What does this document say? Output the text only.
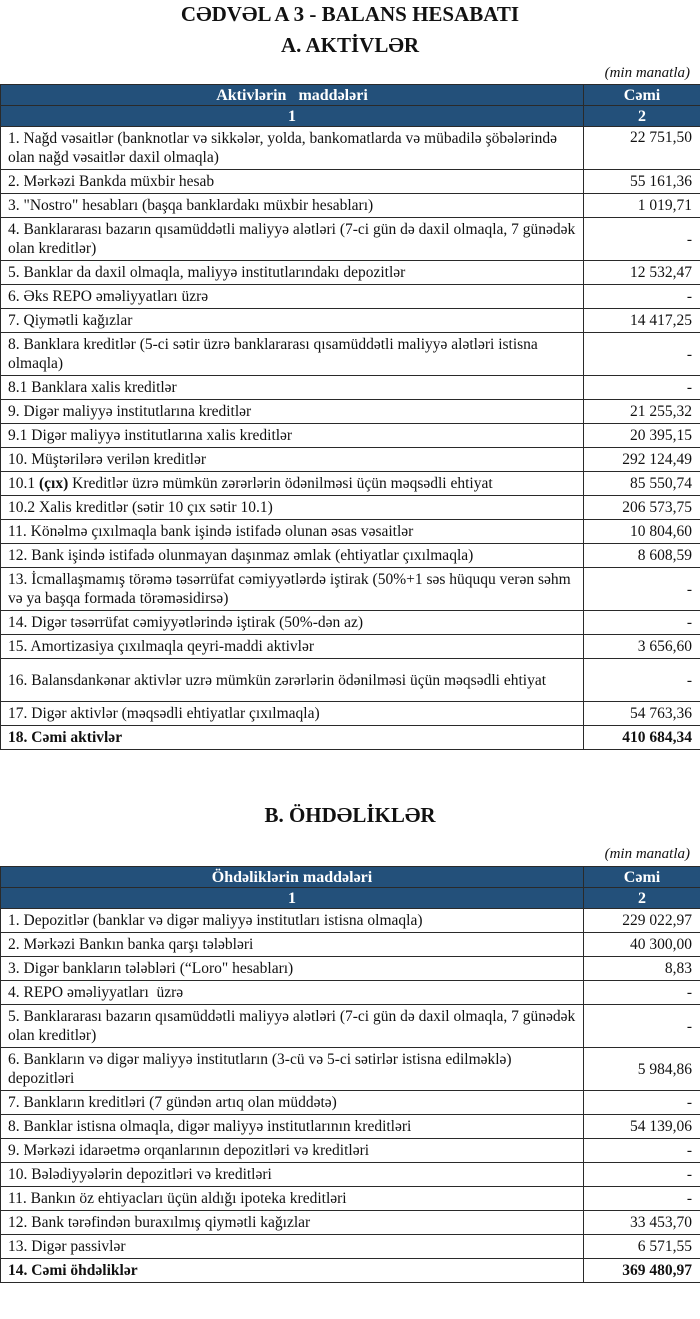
CƏDVƏL A 3 - BALANS HESABATI
A. AKTİVLƏR
(min manatla)
Aktivlərin   maddələri	Cəmi
1	2
1. Nağd vəsaitlər (banknotlar və sikkələr, yolda, bankomatlarda və mübadilə şöbələrində olan nağd vəsaitlər daxil olmaqla)	22 751,50
2. Mərkəzi Bankda müxbir hesab	55 161,36
3. "Nostro" hesabları (başqa banklardakı müxbir hesabları)	1 019,71
4. Banklararası bazarın qısamüddətli maliyyə alətləri (7-ci gün də daxil olmaqla, 7 günədək olan kreditlər)	-
5. Banklar da daxil olmaqla, maliyyə institutlarındakı depozitlər	12 532,47
6. Əks REPO əməliyyatları üzrə	-
7. Qiymətli kağızlar	14 417,25
8. Banklara kreditlər (5-ci sətir üzrə banklararası qısamüddətli maliyyə alətləri istisna olmaqla)	-
8.1 Banklara xalis kreditlər	-
9. Digər maliyyə institutlarına kreditlər	21 255,32
9.1 Digər maliyyə institutlarına xalis kreditlər	20 395,15
10. Müştərilərə verilən kreditlər	292 124,49
10.1 (çıx) Kreditlər üzrə mümkün zərərlərin ödənilməsi üçün məqsədli ehtiyat	85 550,74
10.2 Xalis kreditlər (sətir 10 çıx sətir 10.1)	206 573,75
11. Könəlmə çıxılmaqla bank işində istifadə olunan əsas vəsaitlər	10 804,60
12. Bank işində istifadə olunmayan daşınmaz əmlak (ehtiyatlar çıxılmaqla)	8 608,59
13. İcmallaşmamış törəmə təsərrüfat cəmiyyətlərdə iştirak (50%+1 səs hüququ verən səhm və ya başqa formada törəməsidirsə)	-
14. Digər təsərrüfat cəmiyyətlərində iştirak (50%-dən az)	-
15. Amortizasiya çıxılmaqla qeyri-maddi aktivlər	3 656,60
16. Balansdankənar aktivlər uzrə mümkün zərərlərin ödənilməsi üçün məqsədli ehtiyat	-
17. Digər aktivlər (məqsədli ehtiyatlar çıxılmaqla)	54 763,36
18. Cəmi aktivlər	410 684,34
B. ÖHDƏLİKLƏR
(min manatla)
Öhdəliklərin maddələri	Cəmi
1	2
1. Depozitlər (banklar və digər maliyyə institutları istisna olmaqla)	229 022,97
2. Mərkəzi Bankın banka qarşı tələbləri	40 300,00
3. Digər bankların tələbləri (“Loro" hesabları)	8,83
4. REPO əməliyyatları  üzrə	-
5. Banklararası bazarın qısamüddətli maliyyə alətləri (7-ci gün də daxil olmaqla, 7 günədək olan kreditlər)	-
6. Bankların və digər maliyyə institutların (3-cü və 5-ci sətirlər istisna edilməklə) depozitləri	5 984,86
7. Bankların kreditləri (7 gündən artıq olan müddətə)	-
8. Banklar istisna olmaqla, digər maliyyə institutlarının kreditləri	54 139,06
9. Mərkəzi idarəetmə orqanlarının depozitləri və kreditləri	-
10. Bələdiyyələrin depozitləri və kreditləri	-
11. Bankın öz ehtiyacları üçün aldığı ipoteka kreditləri	-
12. Bank tərəfindən buraxılmış qiymətli kağızlar	33 453,70
13. Digər passivlər	6 571,55
14. Cəmi öhdəliklər	369 480,97
